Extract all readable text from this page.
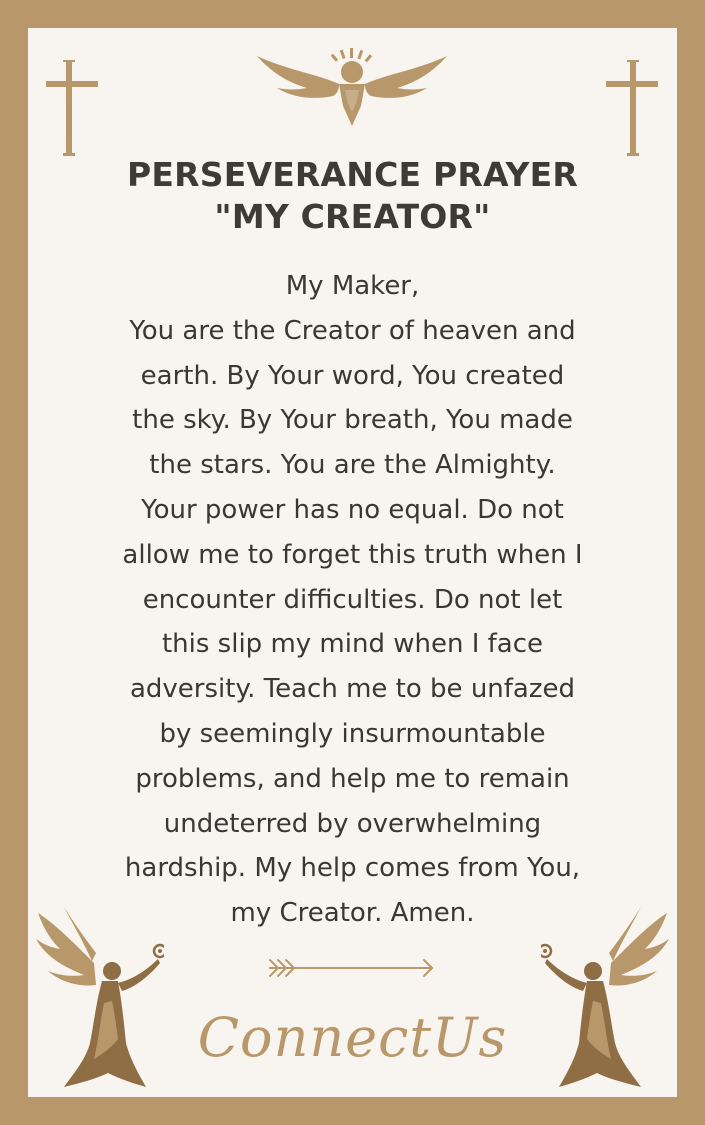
PERSEVERANCE PRAYER
"MY CREATOR"
My Maker,
You are the Creator of heaven and
earth. By Your word, You created
the sky. By Your breath, You made
the stars. You are the Almighty.
Your power has no equal. Do not
allow me to forget this truth when I
encounter difficulties. Do not let
this slip my mind when I face
adversity. Teach me to be unfazed
by seemingly insurmountable
problems, and help me to remain
undeterred by overwhelming
hardship. My help comes from You,
my Creator. Amen.
ConnectUs
